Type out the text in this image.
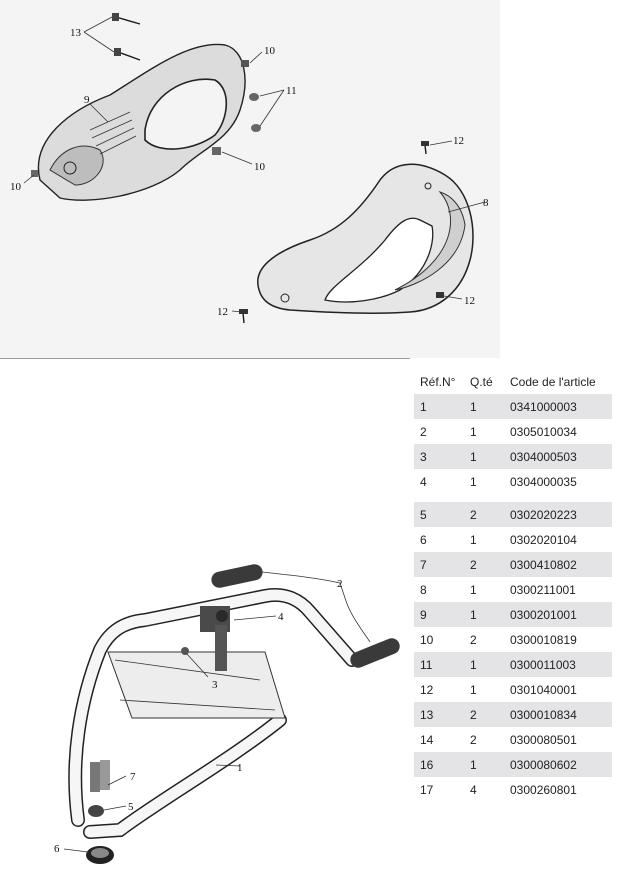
13
9
10
11
10
10
12
8
12
12
2
4
3
1
7
5
6
Réf.N°	Q.té	Code de l'article
1	1	0341000003
2	1	0305010034
3	1	0304000503
4	1	0304000035

5	2	0302020223
6	1	0302020104
7	2	0300410802
8	1	0300211001
9	1	0300201001
10	2	0300010819
11	1	0300011003
12	1	0301040001
13	2	0300010834
14	2	0300080501
16	1	0300080602
17	4	0300260801
